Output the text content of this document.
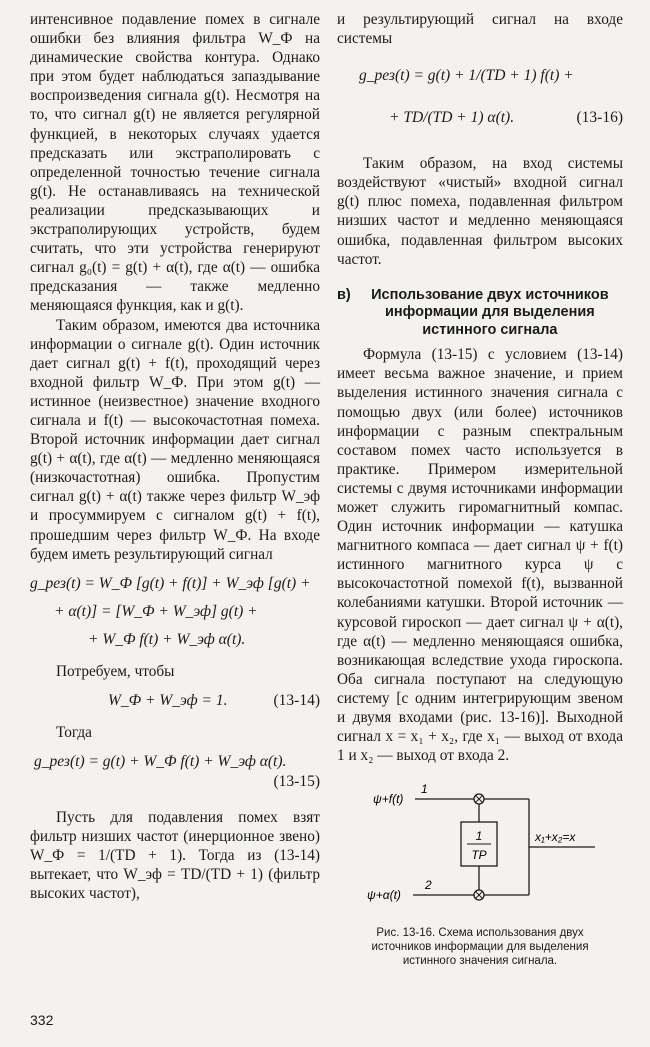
интенсивное подавление помех в сигнале ошибки без влияния фильтра W_Ф на динамические свойства контура. Однако при этом будет наблюдаться запаздывание воспроизведения сигнала g(t). Несмотря на то, что сигнал g(t) не является регулярной функцией, в некоторых случаях удается предсказать или экстраполировать с определенной точностью течение сигнала g(t). Не останавливаясь на технической реализации предсказывающих и экстраполирующих устройств, будем считать, что эти устройства генерируют сигнал g₀(t) = g(t) + α(t), где α(t) — ошибка предсказания — также медленно меняющаяся функция, как и g(t).

Таким образом, имеются два источника информации о сигнале g(t). Один источник дает сигнал g(t) + f(t), проходящий через входной фильтр W_Ф. При этом g(t) — истинное (неизвестное) значение входного сигнала и f(t) — высокочастотная помеха. Второй источник информации дает сигнал g(t) + α(t), где α(t) — медленно меняющаяся (низкочастотная) ошибка. Пропустим сигнал g(t) + α(t) также через фильтр W_эф и просуммируем с сигналом g(t) + f(t), прошедшим через фильтр W_Ф. На входе будем иметь результирующий сигнал

g_рез(t) = W_Ф [g(t) + f(t)] + W_эф [g(t) +
+ α(t)] = [W_Ф + W_эф] g(t) +
+ W_Ф f(t) + W_эф α(t).

Потребуем, чтобы

W_Ф + W_эф = 1.	(13-14)

Тогда

g_рез(t) = g(t) + W_Ф f(t) + W_эф α(t).
(13-15)

Пусть для подавления помех взят фильтр низших частот (инерционное звено) W_Ф = 1/(TD + 1). Тогда из (13-14) вытекает, что W_эф = TD/(TD + 1) (фильтр высоких частот),

и результирующий сигнал на входе системы

g_рез(t) = g(t) + 1/(TD + 1) f(t) +
+ TD/(TD + 1) α(t).	(13-16)

Таким образом, на вход системы воздействуют «чистый» входной сигнал g(t) плюс помеха, подавленная фильтром низших частот и медленно меняющаяся ошибка, подавленная фильтром высоких частот.

в)	Использование двух источников информации для выделения истинного сигнала

Формула (13-15) с условием (13-14) имеет весьма важное значение, и прием выделения истинного значения сигнала с помощью двух (или более) источников информации с разным спектральным составом помех часто используется в практике. Примером измерительной системы с двумя источниками информации может служить гиромагнитный компас. Один источник информации — катушка магнитного компаса — дает сигнал ψ + f(t) истинного магнитного курса ψ с высокочастотной помехой f(t), вызванной колебаниями катушки. Второй источник — курсовой гироскоп — дает сигнал ψ + α(t), где α(t) — медленно меняющаяся ошибка, возникающая вследствие ухода гироскопа. Оба сигнала поступают на следующую систему [с одним интегрирующим звеном и двумя входами (рис. 13-16)]. Выходной сигнал x = x₁ + x₂, где x₁ — выход от входа 1 и x₂ — выход от входа 2.

ψ+f(t)
1
1
TP
ψ+α(t)
2
x₁+x₂=x

Рис. 13-16. Схема использования двух источников информации для выделения истинного значения сигнала.

332
